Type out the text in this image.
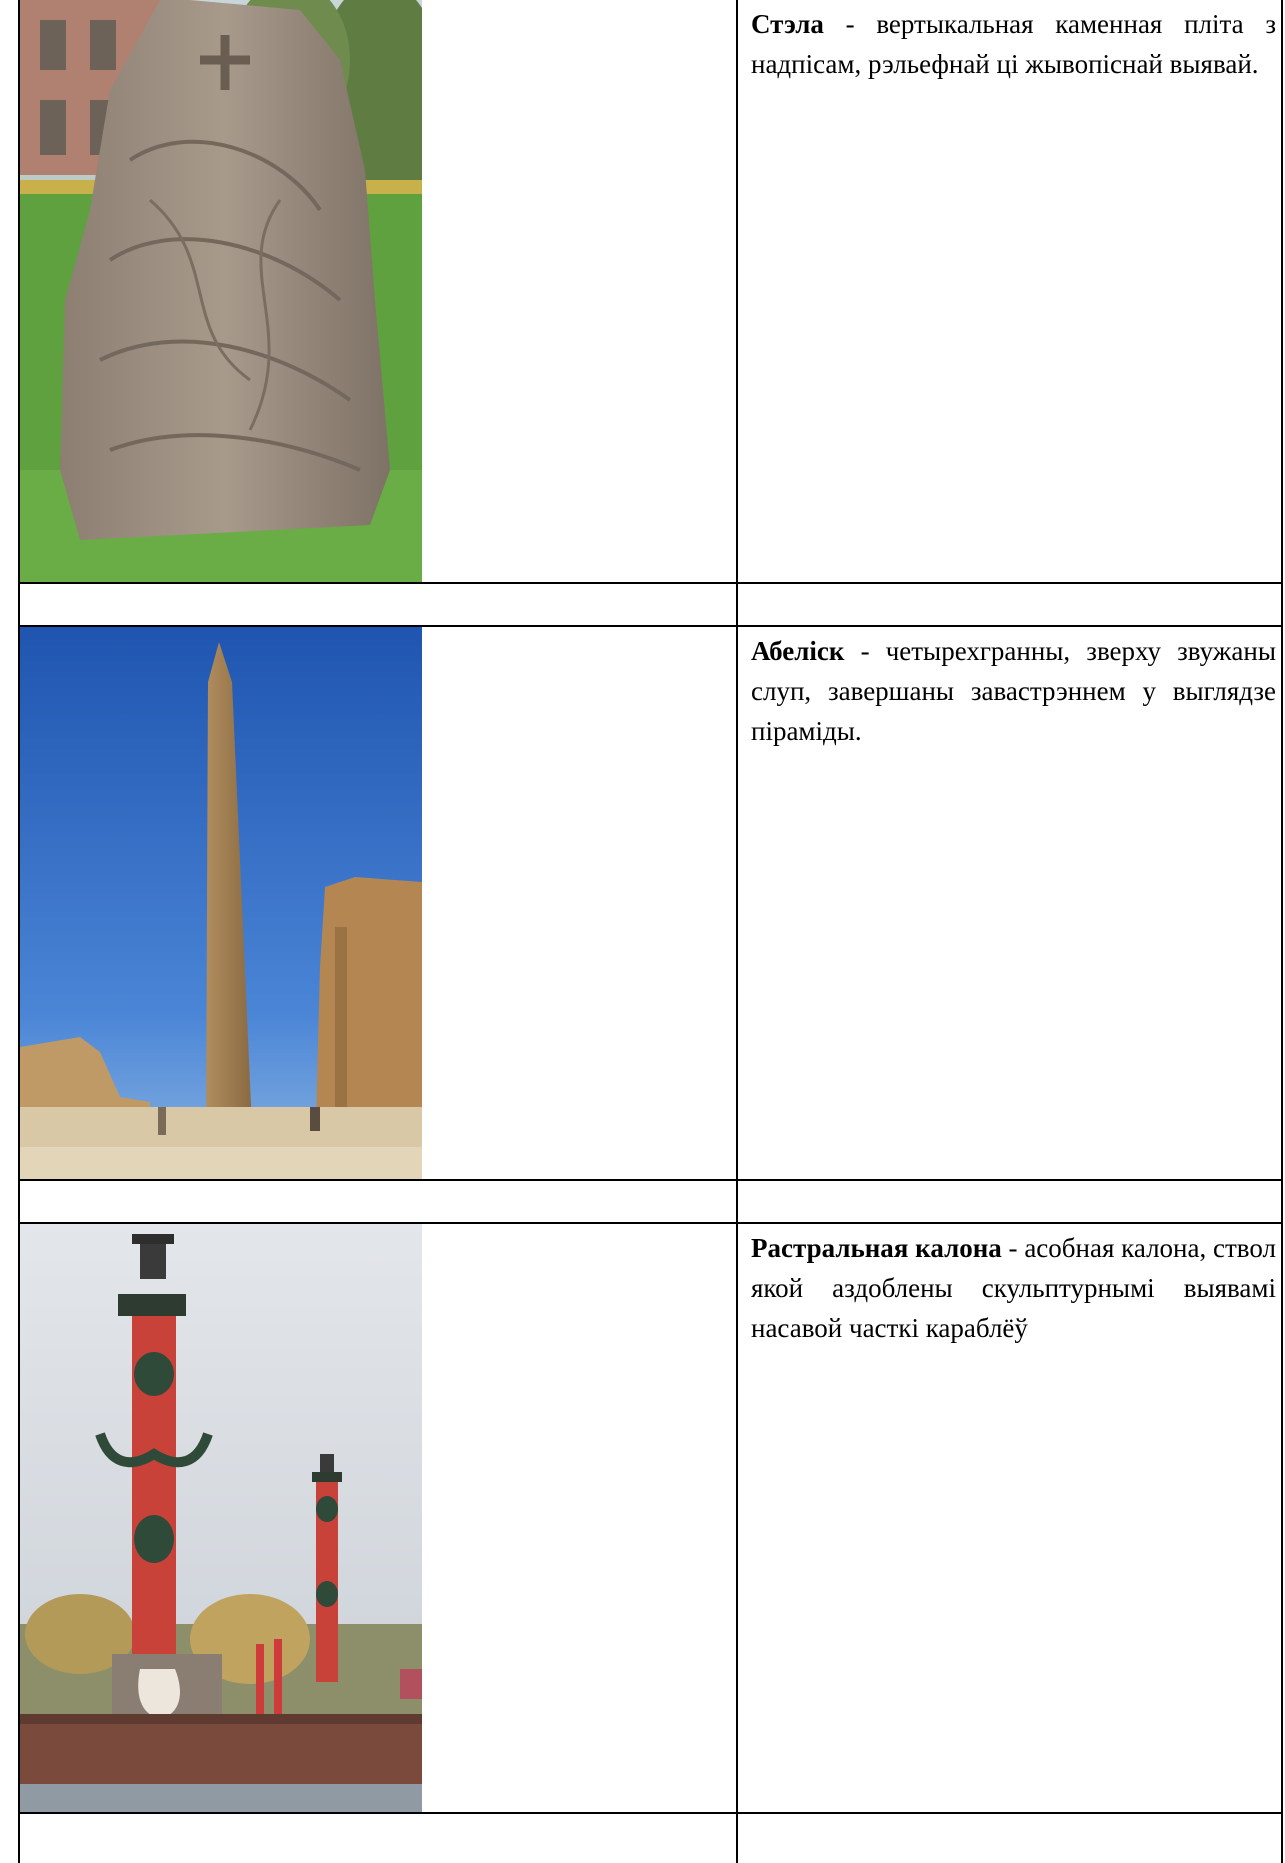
Стэла - вертыкальная каменная пліта з надпісам, рэльефнай ці жывопіснай выявай.

Абеліск - четырехгранны, зверху звужаны слуп, завершаны завастрэннем у выглядзе піраміды.

Растральная калона - асобная калона, ствол якой аздоблены скульптурнымі выявамі насавой часткі караблёў
